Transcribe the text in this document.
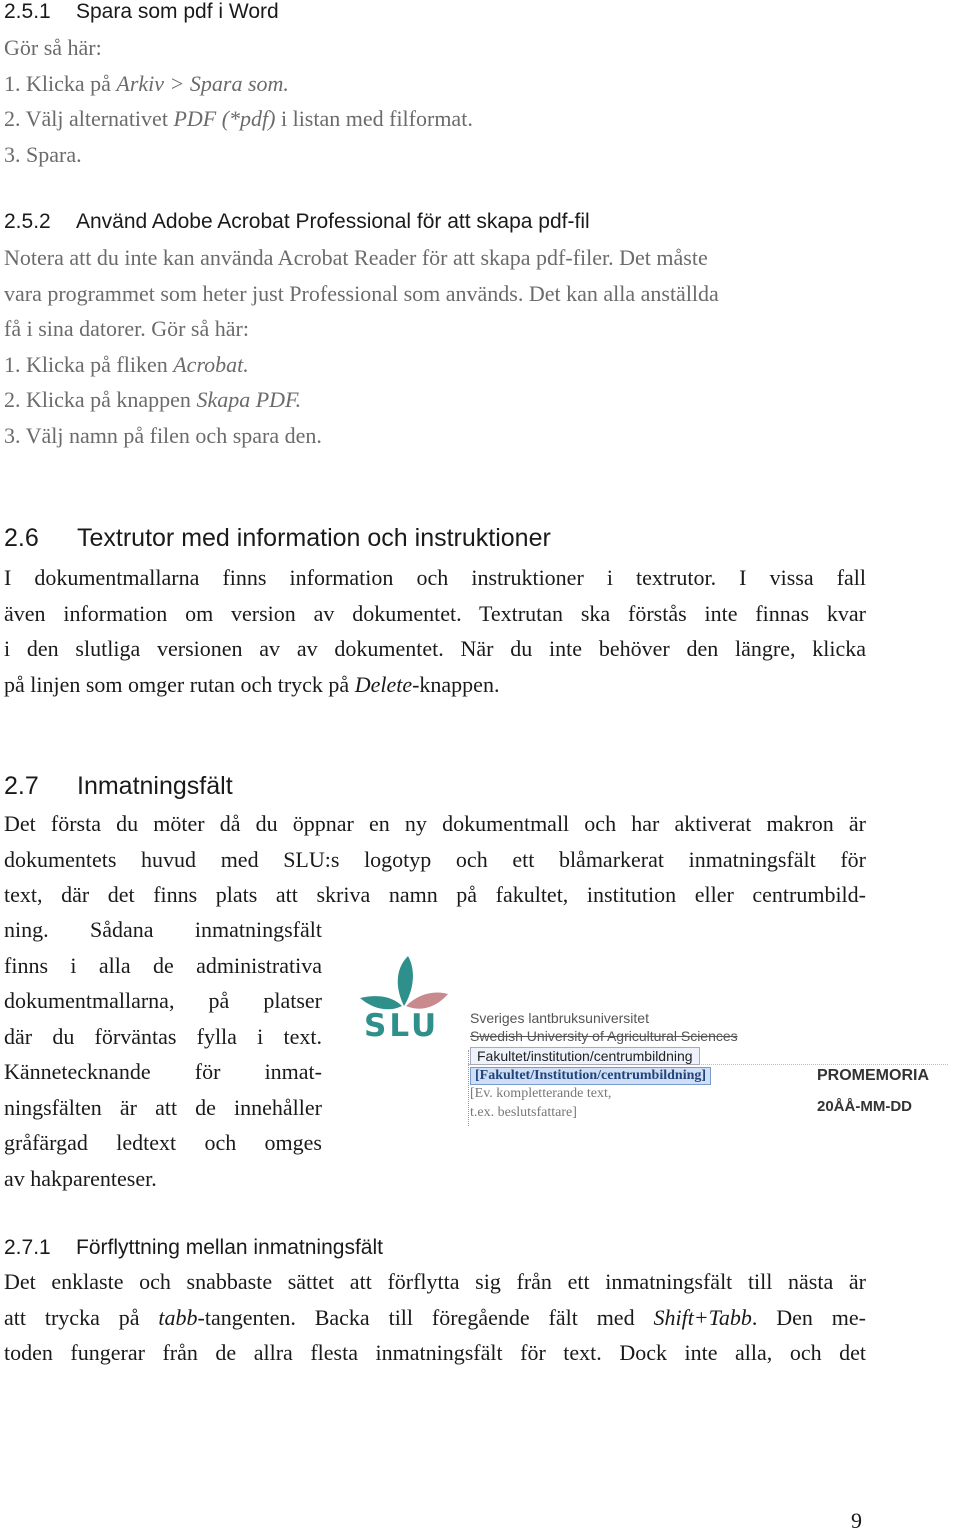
2.5.1 Spara som pdf i Word
Gör så här:
1. Klicka på Arkiv > Spara som.
2. Välj alternativet PDF (*pdf) i listan med filformat.
3. Spara.
2.5.2 Använd Adobe Acrobat Professional för att skapa pdf-fil
Notera att du inte kan använda Acrobat Reader för att skapa pdf-filer. Det måste
vara programmet som heter just Professional som används. Det kan alla anställda
få i sina datorer. Gör så här:
1. Klicka på fliken Acrobat.
2. Klicka på knappen Skapa PDF.
3. Välj namn på filen och spara den.
2.6 Textrutor med information och instruktioner
I dokumentmallarna finns information och instruktioner i textrutor. I vissa fall
även information om version av dokumentet. Textrutan ska förstås inte finnas kvar
i den slutliga versionen av av dokumentet. När du inte behöver den längre, klicka
på linjen som omger rutan och tryck på Delete-knappen.
2.7 Inmatningsfält
Det första du möter då du öppnar en ny dokumentmall och har aktiverat makron är
dokumentets huvud med SLU:s logotyp och ett blåmarkerat inmatningsfält för
text, där det finns plats att skriva namn på fakultet, institution eller centrumbild-
ning. Sådana inmatningsfält
finns i alla de administrativa
dokumentmallarna, på platser
där du förväntas fylla i text.
Kännetecknande för inmat-
ningsfälten är att de innehåller
gråfärgad ledtext och omges
av hakparenteser.
2.7.1 Förflyttning mellan inmatningsfält
Det enklaste och snabbaste sättet att förflytta sig från ett inmatningsfält till nästa är
att trycka på tabb-tangenten. Backa till föregående fält med Shift+Tabb. Den me-
toden fungerar från de allra flesta inmatningsfält för text. Dock inte alla, och det
SLU Sveriges lantbruksuniversitet
Swedish University of Agricultural Sciences
Fakultet/institution/centrumbildning
[Fakultet/Institution/centrumbildning]
[Ev. kompletterande text,
t.ex. beslutsfattare]
PROMEMORIA
20ÅÅ-MM-DD
9
